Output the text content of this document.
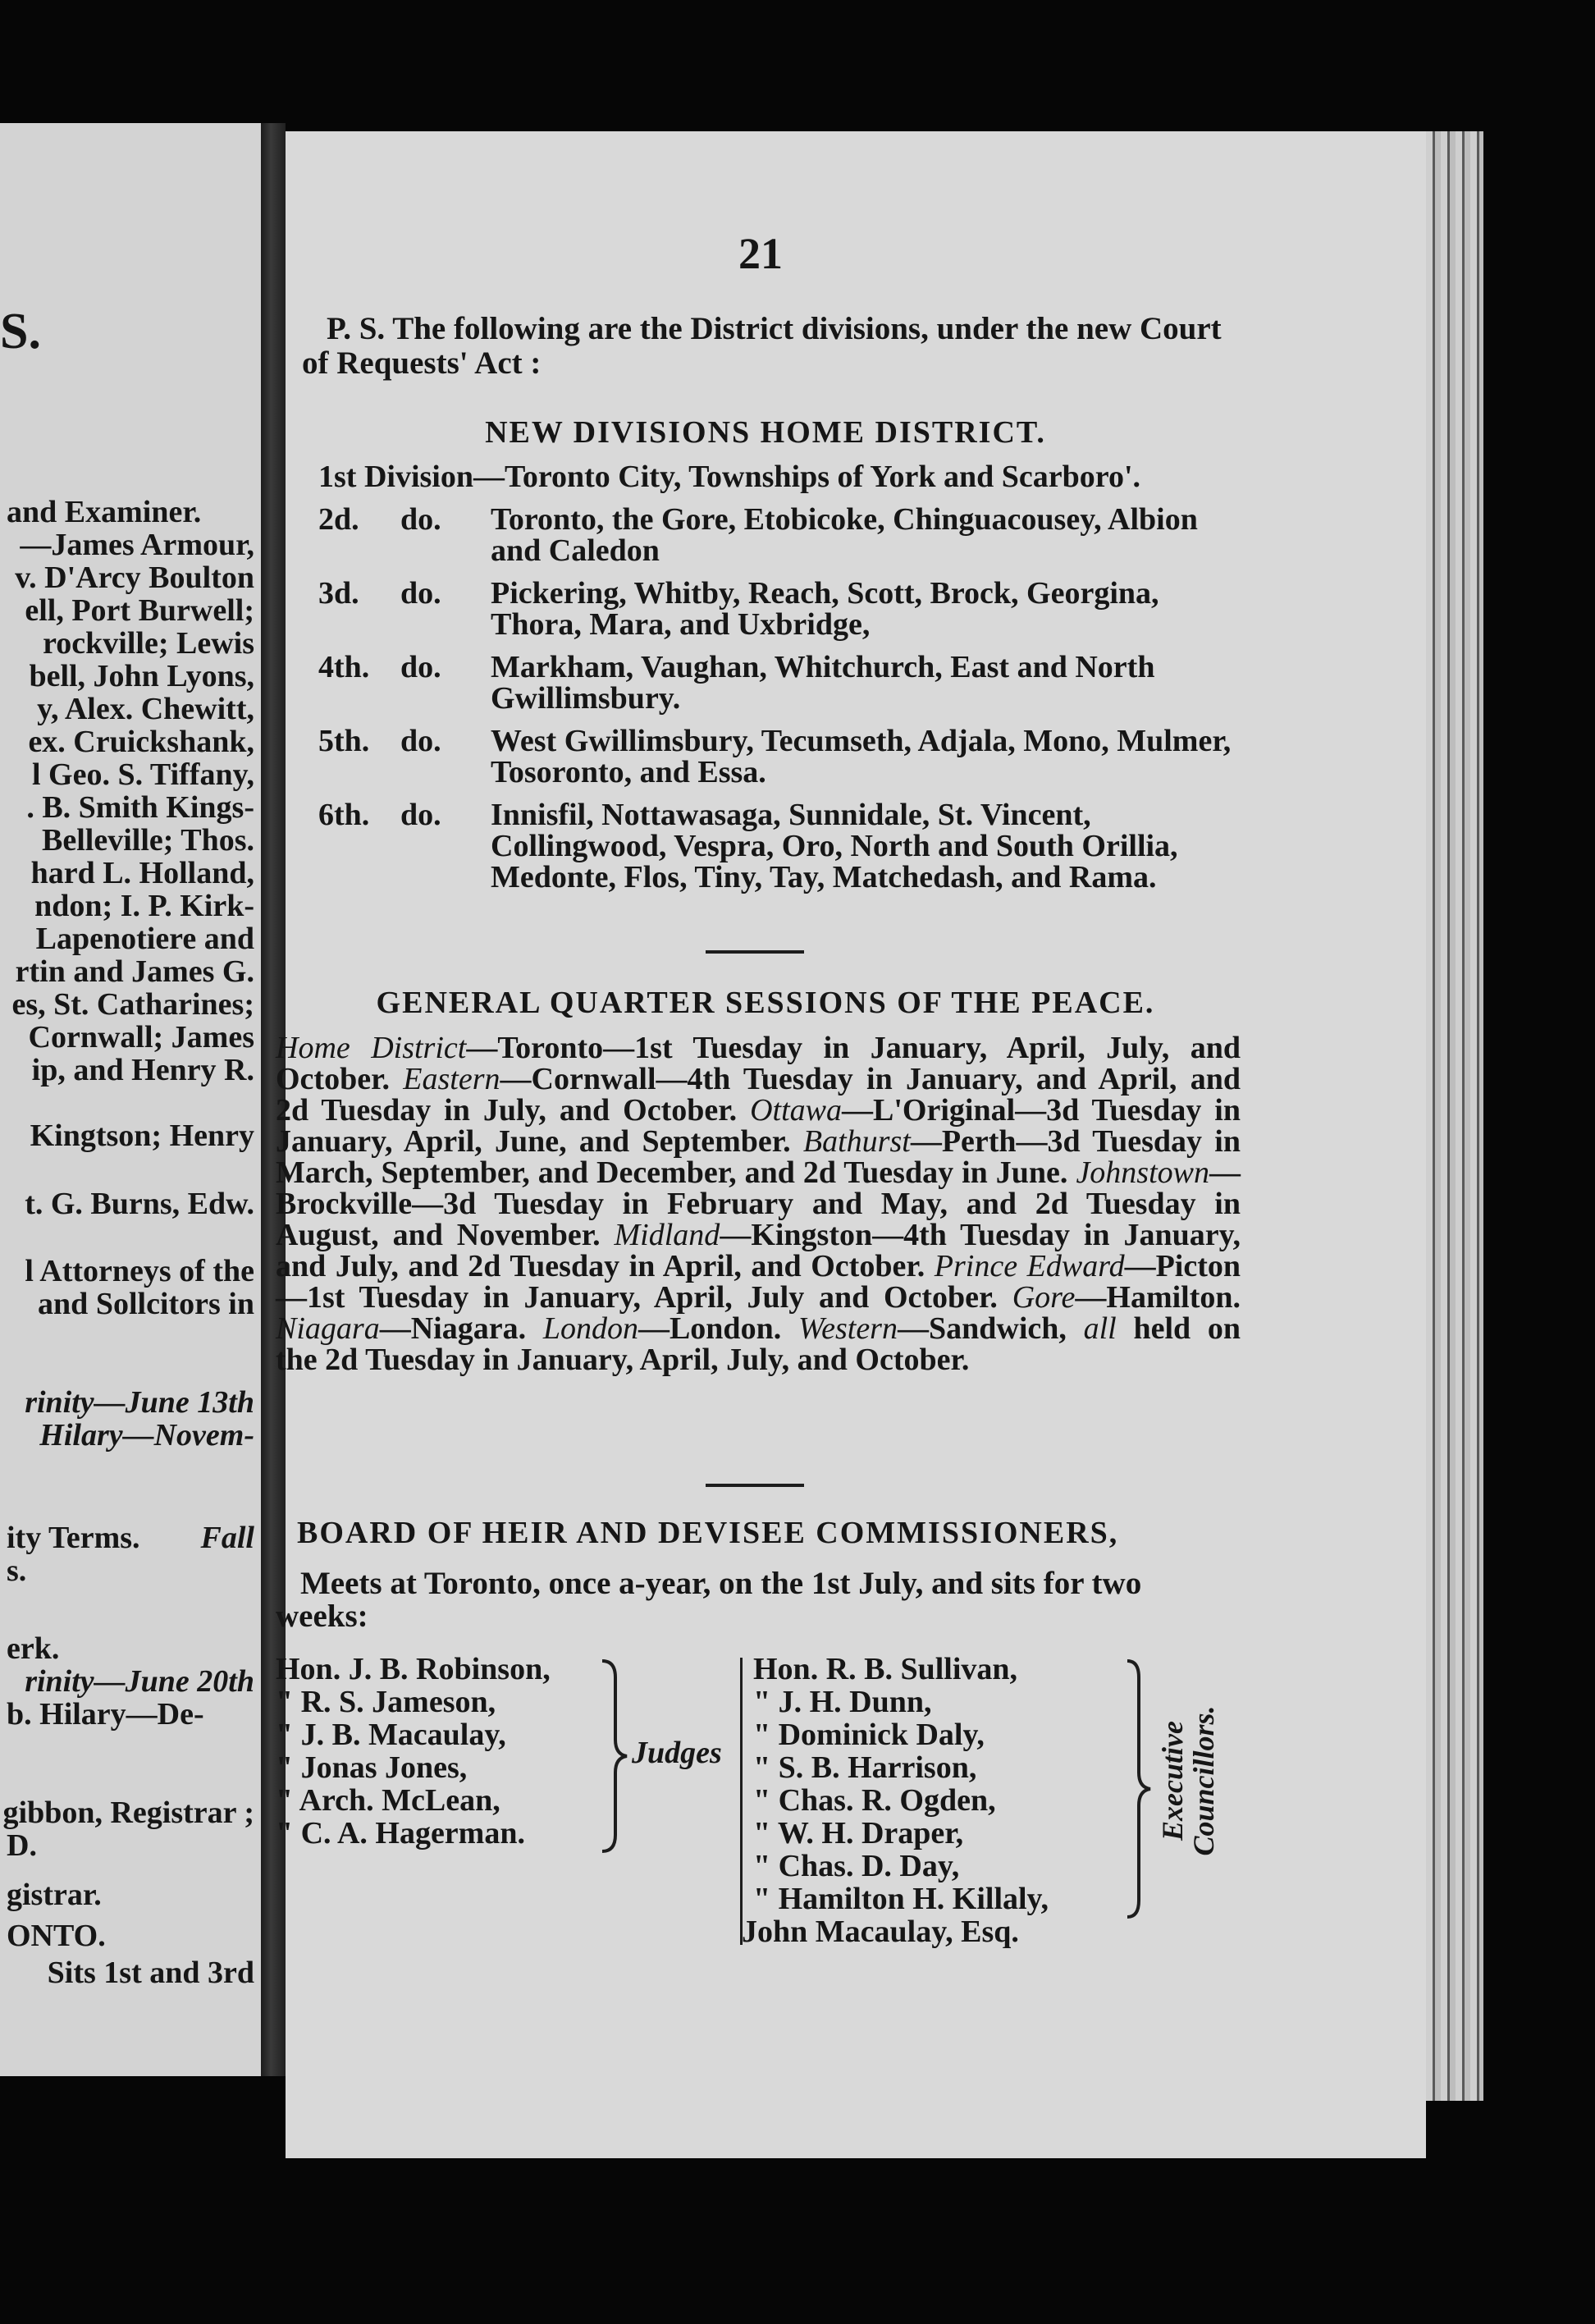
S.
and Examiner.
—James Armour,
v. D'Arcy Boulton
ell, Port Burwell;
rockville; Lewis
bell, John Lyons,
y, Alex. Chewitt,
ex. Cruickshank,
l Geo. S. Tiffany,
. B. Smith Kings-
Belleville; Thos.
hard L. Holland,
ndon; I. P. Kirk-
Lapenotiere and
rtin and James G.
es, St. Catharines;
Cornwall; James
ip, and Henry R.
Kingtson; Henry
t. G. Burns, Edw.
l Attorneys of the
and Sollcitors in
rinity—June 13th
Hilary—Novem-
ity Terms. Fall
s.
erk.
rinity—June 20th
b. Hilary—De-
gibbon, Registrar ;
D.
gistrar.
ONTO.
Sits 1st and 3rd
21
P. S. The following are the District divisions, under the new Court of Requests' Act :
NEW DIVISIONS HOME DISTRICT.
1st Division—Toronto City, Townships of York and Scarboro'.		
2d.	do.	Toronto, the Gore, Etobicoke, Chinguacousey, Albion and Caledon
3d.	do.	Pickering, Whitby, Reach, Scott, Brock, Georgina, Thora, Mara, and Uxbridge,
4th.	do.	Markham, Vaughan, Whitchurch, East and North Gwillimsbury.
5th.	do.	West Gwillimsbury, Tecumseth, Adjala, Mono, Mulmer, Tosoronto, and Essa.
6th.	do.	Innisfil, Nottawasaga, Sunnidale, St. Vincent, Collingwood, Vespra, Oro, North and South Orillia, Medonte, Flos, Tiny, Tay, Matchedash, and Rama.
GENERAL QUARTER SESSIONS OF THE PEACE.
Home District—Toronto—1st Tuesday in January, April, July, and October. Eastern—Cornwall—4th Tuesday in January, and April, and 2d Tuesday in July, and October. Ottawa—L'Original—3d Tuesday in January, April, June, and September. Bathurst—Perth—3d Tuesday in March, September, and December, and 2d Tuesday in June. Johnstown—Brockville—3d Tuesday in February and May, and 2d Tuesday in August, and November. Midland—Kingston—4th Tuesday in January, and July, and 2d Tuesday in April, and October. Prince Edward—Picton—1st Tuesday in January, April, July and October. Gore—Hamilton. Niagara—Niagara. London—London. Western—Sandwich, all held on the 2d Tuesday in January, April, July, and October.
BOARD OF HEIR AND DEVISEE COMMISSIONERS,
Meets at Toronto, once a-year, on the 1st July, and sits for two weeks:
Hon. J. B. Robinson,
" R. S. Jameson,
" J. B. Macaulay,
" Jonas Jones,
" Arch. McLean,
" C. A. Hagerman.
Judges
Hon. R. B. Sullivan,
" J. H. Dunn,
" Dominick Daly,
" S. B. Harrison,
" Chas. R. Ogden,
" W. H. Draper,
" Chas. D. Day,
" Hamilton H. Killaly,
John Macaulay, Esq.
Executive Councillors.
